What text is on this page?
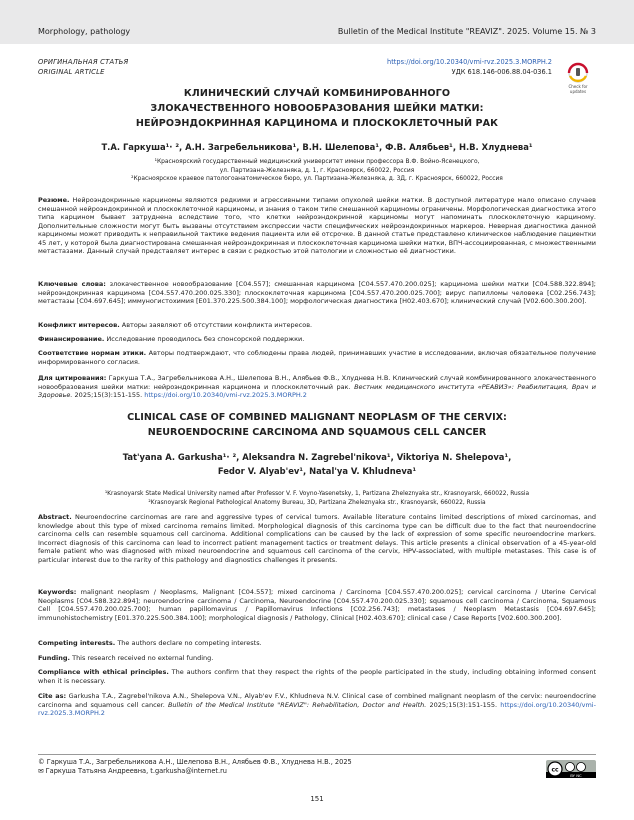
Morphology, pathology	Bulletin of the Medical Institute "REAVIZ". 2025. Volume 15. № 3
ОРИГИНАЛЬНАЯ СТАТЬЯ
ORIGINAL ARTICLE
https://doi.org/10.20340/vmi-rvz.2025.3.MORPH.2
УДК 618.146-006.88.04-036.1
Check for
updates
КЛИНИЧЕСКИЙ СЛУЧАЙ КОМБИНИРОВАННОГО
ЗЛОКАЧЕСТВЕННОГО НОВООБРАЗОВАНИЯ ШЕЙКИ МАТКИ:
НЕЙРОЭНДОКРИННАЯ КАРЦИНОМА И ПЛОСКОКЛЕТОЧНЫЙ РАК
Т.А. Гаркуша¹· ², А.Н. Загребельникова¹, В.Н. Шелепова¹, Ф.В. Алябьев¹, Н.В. Хлуднева¹
¹Красноярский государственный медицинский университет имени профессора В.Ф. Войно-Ясенецкого,
ул. Партизана-Железняка, д. 1, г. Красноярск, 660022, Россия
²Красноярское краевое патологоанатомическое бюро, ул. Партизана-Железняка, д. 3Д, г. Красноярск, 660022, Россия
Резюме. Нейроэндокринные карциномы являются редкими и агрессивными типами опухолей шейки матки. В доступной литературе мало описано случаев смешанной нейроэндокринной и плоскоклеточной карциномы, и знания о таком типе смешанной карциномы ограничены. Морфологическая диагностика этого типа карцином бывает затруднена вследствие того, что клетки нейроэндокринной карциномы могут напоминать плоскоклеточную карциному. Дополнительные сложности могут быть вызваны отсутствием экспрессии части специфических нейроэндокринных маркеров. Неверная диагностика данной карциномы может приводить к неправильной тактике ведения пациента или её отсрочке. В данной статье представлено клиническое наблюдение пациентки 45 лет, у которой была диагностирована смешанная нейроэндокринная и плоскоклеточная карцинома шейки матки, ВПЧ-ассоциированная, с множественными метастазами. Данный случай представляет интерес в связи с редкостью этой патологии и сложностью её диагностики.
Ключевые слова: злокачественное новообразование [C04.557]; смешанная карцинома [C04.557.470.200.025]; карцинома шейки матки [C04.588.322.894]; нейроэндокринная карцинома [C04.557.470.200.025.330]; плоскоклеточная карцинома [C04.557.470.200.025.700]; вирус папилломы человека [C02.256.743]; метастазы [C04.697.645]; иммуногистохимия [E01.370.225.500.384.100]; морфологическая диагностика [H02.403.670]; клинический случай [V02.600.300.200].
Конфликт интересов. Авторы заявляют об отсутствии конфликта интересов.
Финансирование. Исследование проводилось без спонсорской поддержки.
Соответствие нормам этики. Авторы подтверждают, что соблюдены права людей, принимавших участие в исследовании, включая обязательное получение информированного согласия.
Для цитирования: Гаркуша Т.А., Загребельникова А.Н., Шелепова В.Н., Алябьев Ф.В., Хлуднева Н.В. Клинический случай комбинированного злокачественного новообразования шейки матки: нейроэндокринная карцинома и плоскоклеточный рак. Вестник медицинского института «РЕАВИЗ»: Реабилитация, Врач и Здоровье. 2025;15(3):151-155. https://doi.org/10.20340/vmi-rvz.2025.3.MORPH.2
CLINICAL CASE OF COMBINED MALIGNANT NEOPLASM OF THE CERVIX:
NEUROENDOCRINE CARCINOMA AND SQUAMOUS CELL CANCER
Tat'yana A. Garkusha¹· ², Aleksandra N. Zagrebel'nikova¹, Viktoriya N. Shelepova¹,
Fedor V. Alyab'ev¹, Natal'ya V. Khludneva¹
¹Krasnoyarsk State Medical University named after Professor V. F. Voyno-Yasenetsky, 1, Partizana Zheleznyaka str., Krasnoyarsk, 660022, Russia
²Krasnoyarsk Regional Pathological Anatomy Bureau, 3D, Partizana Zheleznyaka str., Krasnoyarsk, 660022, Russia
Abstract. Neuroendocrine carcinomas are rare and aggressive types of cervical tumors. Available literature contains limited descriptions of mixed carcinomas, and knowledge about this type of mixed carcinoma remains limited. Morphological diagnosis of this carcinoma type can be difficult due to the fact that neuroendocrine carcinoma cells can resemble squamous cell carcinoma. Additional complications can be caused by the lack of expression of some specific neuroendocrine markers. Incorrect diagnosis of this carcinoma can lead to incorrect patient management tactics or treatment delays. This article presents a clinical observation of a 45-year-old female patient who was diagnosed with mixed neuroendocrine and squamous cell carcinoma of the cervix, HPV-associated, with multiple metastases. This case is of particular interest due to the rarity of this pathology and diagnostics challenges it presents.
Keywords: malignant neoplasm / Neoplasms, Malignant [C04.557]; mixed carcinoma / Carcinoma [C04.557.470.200.025]; cervical carcinoma / Uterine Cervical Neoplasms [C04.588.322.894]; neuroendocrine carcinoma / Carcinoma, Neuroendocrine [C04.557.470.200.025.330]; squamous cell carcinoma / Carcinoma, Squamous Cell [C04.557.470.200.025.700]; human papillomavirus / Papillomavirus Infections [C02.256.743]; metastases / Neoplasm Metastasis [C04.697.645]; immunohistochemistry [E01.370.225.500.384.100]; morphological diagnosis / Pathology, Clinical [H02.403.670]; clinical case / Case Reports [V02.600.300.200].
Competing interests. The authors declare no competing interests.
Funding. This research received no external funding.
Compliance with ethical principles. The authors confirm that they respect the rights of the people participated in the study, including obtaining informed consent when it is necessary.
Cite as: Garkusha T.A., Zagrebel'nikova A.N., Shelepova V.N., Alyab'ev F.V., Khludneva N.V. Clinical case of combined malignant neoplasm of the cervix: neuroendocrine carcinoma and squamous cell cancer. Bulletin of the Medical Institute "REAVIZ": Rehabilitation, Doctor and Health. 2025;15(3):151-155. https://doi.org/10.20340/vmi-rvz.2025.3.MORPH.2
© Гаркуша Т.А., Загребельникова А.Н., Шелепова В.Н., Алябьев Ф.В., Хлуднева Н.В., 2025
✉ Гаркуша Татьяна Андреевна, t.garkusha@internet.ru	cc
BY NC
151
